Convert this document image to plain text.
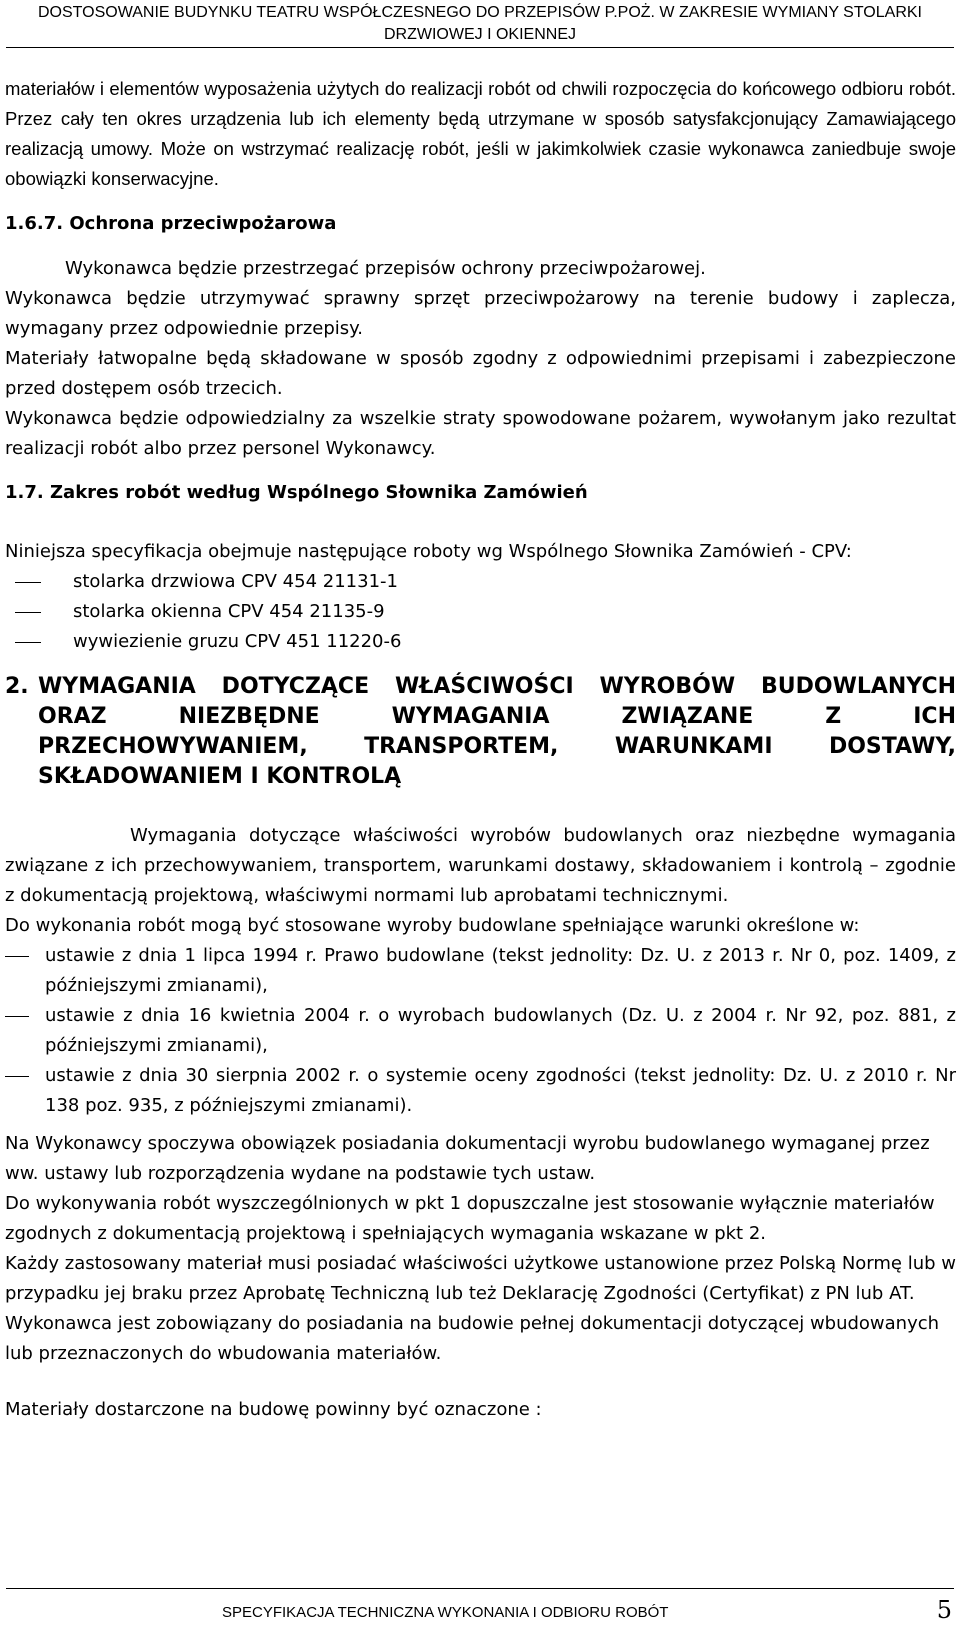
DOSTOSOWANIE BUDYNKU TEATRU WSPÓŁCZESNEGO DO PRZEPISÓW P.POŻ. W ZAKRESIE WYMIANY STOLARKI
DRZWIOWEJ I OKIENNEJ

materiałów i elementów wyposażenia użytych do realizacji robót od chwili rozpoczęcia do końcowego odbioru robót. Przez cały ten okres urządzenia lub ich elementy będą utrzymane w sposób satysfakcjonujący Zamawiającego realizacją umowy. Może on wstrzymać realizację robót, jeśli w jakimkolwiek czasie wykonawca zaniedbuje swoje obowiązki konserwacyjne.

1.6.7. Ochrona przeciwpożarowa

Wykonawca będzie przestrzegać przepisów ochrony przeciwpożarowej.

Wykonawca będzie utrzymywać sprawny sprzęt przeciwpożarowy na terenie budowy i zaplecza, wymagany przez odpowiednie przepisy.

Materiały łatwopalne będą składowane w sposób zgodny z odpowiednimi przepisami i zabezpieczone przed dostępem osób trzecich.

Wykonawca będzie odpowiedzialny za wszelkie straty spowodowane pożarem, wywołanym jako rezultat realizacji robót albo przez personel Wykonawcy.

1.7. Zakres robót według Wspólnego Słownika Zamówień

Niniejsza specyfikacja obejmuje następujące roboty wg Wspólnego Słownika Zamówień - CPV:

stolarka drzwiowa CPV 454 21131-1
stolarka okienna CPV 454 21135-9
wywiezienie gruzu CPV 451 11220-6
2. WYMAGANIA DOTYCZĄCE WŁAŚCIWOŚCI WYROBÓW BUDOWLANYCH
ORAZ NIEZBĘDNE WYMAGANIA ZWIĄZANE Z ICH
PRZECHOWYWANIEM, TRANSPORTEM, WARUNKAMI DOSTAWY,
SKŁADOWANIEM I KONTROLĄ

Wymagania dotyczące właściwości wyrobów budowlanych oraz niezbędne wymagania związane z ich przechowywaniem, transportem, warunkami dostawy, składowaniem i kontrolą – zgodnie z dokumentacją projektową, właściwymi normami lub aprobatami technicznymi.

Do wykonania robót mogą być stosowane wyroby budowlane spełniające warunki określone w:

ustawie z dnia 1 lipca 1994 r. Prawo budowlane (tekst jednolity: Dz. U. z 2013 r. Nr 0, poz. 1409, z późniejszymi zmianami),
ustawie z dnia 16 kwietnia 2004 r. o wyrobach budowlanych (Dz. U. z 2004 r. Nr 92, poz. 881, z późniejszymi zmianami),
ustawie z dnia 30 sierpnia 2002 r. o systemie oceny zgodności (tekst jednolity: Dz. U. z 2010 r. Nr 138 poz. 935, z późniejszymi zmianami).

Na Wykonawcy spoczywa obowiązek posiadania dokumentacji wyrobu budowlanego wymaganej przez ww. ustawy lub rozporządzenia wydane na podstawie tych ustaw.

Do wykonywania robót wyszczególnionych w pkt 1 dopuszczalne jest stosowanie wyłącznie materiałów zgodnych z dokumentacją projektową i spełniających wymagania wskazane w pkt 2.

Każdy zastosowany materiał musi posiadać właściwości użytkowe ustanowione przez Polską Normę lub w przypadku jej braku przez Aprobatę Techniczną lub też Deklarację Zgodności (Certyfikat) z PN lub AT.

Wykonawca jest zobowiązany do posiadania na budowie pełnej dokumentacji dotyczącej wbudowanych lub przeznaczonych do wbudowania materiałów.

Materiały dostarczone na budowę powinny być oznaczone :

SPECYFIKACJA TECHNICZNA WYKONANIA I ODBIORU ROBÓT	5
